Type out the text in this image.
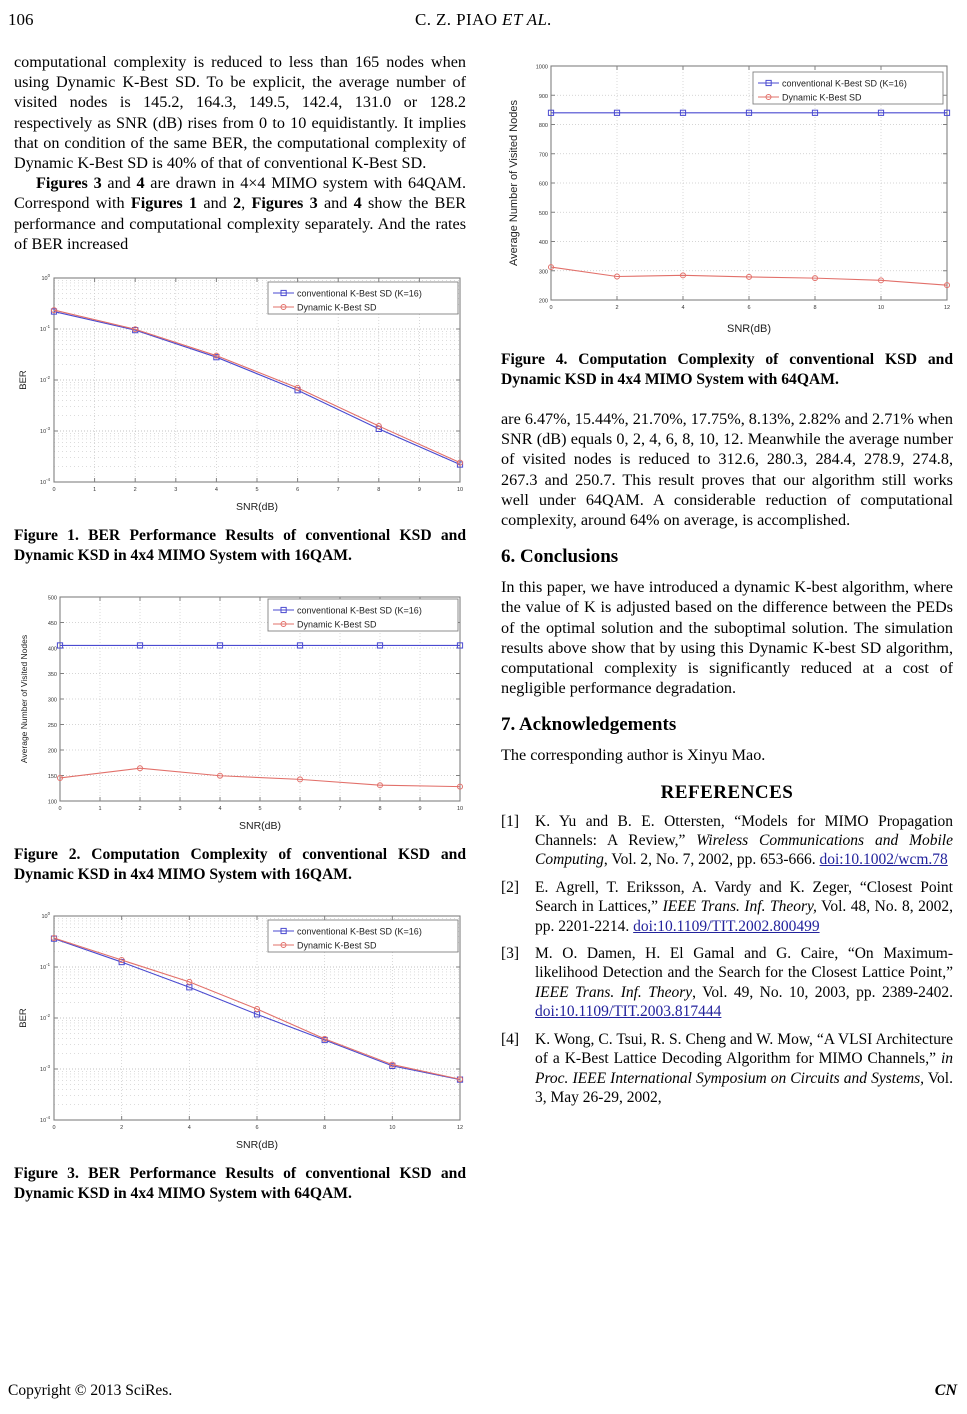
106	C. Z. PIAO ET AL.

computational complexity is reduced to less than 165 nodes when using Dynamic K-Best SD. To be explicit, the average number of visited nodes is 145.2, 164.3, 149.5, 142.4, 131.0 or 128.2 respectively as SNR (dB) rises from 0 to 10 equidistantly. It implies that on condition of the same BER, the computational complexity of Dynamic K-Best SD is 40% of that of conventional K-Best SD.

Figures 3 and 4 are drawn in 4×4 MIMO system with 64QAM. Correspond with Figures 1 and 2, Figures 3 and 4 show the BER performance and computational complexity separately. And the rates of BER increased

0	1	2	3	4	5	6	7	8	9	10
$10^0$
$10^{-1}$
$10^{-2}$
$10^{-3}$
$10^{-4}$
conventional K-Best SD (K=16)
Dynamic K-Best SD
SNR(dB)
BER
Figure 1. BER Performance Results of conventional KSD and Dynamic KSD in 4x4 MIMO System with 16QAM.
0	1	2	3	4	5	6	7	8	9	10
100
150
200
250
300
350
400
450
500
conventional K-Best SD (K=16)
Dynamic K-Best SD
SNR(dB)
Average Number of Visited Nodes
Figure 2. Computation Complexity of conventional KSD and Dynamic KSD in 4x4 MIMO System with 16QAM.
0	2	4	6	8	10	12
$10^0$
$10^{-1}$
$10^{-2}$
$10^{-3}$
$10^{-4}$
conventional K-Best SD (K=16)
Dynamic K-Best SD
SNR(dB)
BER
Figure 3. BER Performance Results of conventional KSD and Dynamic KSD in 4x4 MIMO System with 64QAM.
0	2	4	6	8	10	12
200
300
400
500
600
700
800
900
1000
conventional K-Best SD (K=16)
Dynamic K-Best SD
SNR(dB)
Average Number of Visited Nodes
Figure 4. Computation Complexity of conventional KSD and Dynamic KSD in 4x4 MIMO System with 64QAM.

are 6.47%, 15.44%, 21.70%, 17.75%, 8.13%, 2.82% and 2.71% when SNR (dB) equals 0, 2, 4, 6, 8, 10, 12. Meanwhile the average number of visited nodes is reduced to 312.6, 280.3, 284.4, 278.9, 274.8, 267.3 and 250.7. This result proves that our algorithm still works well under 64QAM. A considerable reduction of computational complexity, around 64% on average, is accomplished.

6. Conclusions

In this paper, we have introduced a dynamic K-best algorithm, where the value of K is adjusted based on the difference between the PEDs of the optimal solution and the suboptimal solution. The simulation results above show that by using this Dynamic K-best SD algorithm, computational complexity is significantly reduced at a cost of negligible performance degradation.

7. Acknowledgements

The corresponding author is Xinyu Mao.

REFERENCES
[1]	K. Yu and B. E. Ottersten, “Models for MIMO Propagation Channels: A Review,” Wireless Communications and Mobile Computing, Vol. 2, No. 7, 2002, pp. 653-666. doi:10.1002/wcm.78
[2]	E. Agrell, T. Eriksson, A. Vardy and K. Zeger, “Closest Point Search in Lattices,” IEEE Trans. Inf. Theory, Vol. 48, No. 8, 2002, pp. 2201-2214. doi:10.1109/TIT.2002.800499
[3]	M. O. Damen, H. El Gamal and G. Caire, “On Maximum-likelihood Detection and the Search for the Closest Lattice Point,” IEEE Trans. Inf. Theory, Vol. 49, No. 10, 2003, pp. 2389-2402. doi:10.1109/TIT.2003.817444
[4]	K. Wong, C. Tsui, R. S. Cheng and W. Mow, “A VLSI Architecture of a K-Best Lattice Decoding Algorithm for MIMO Channels,” in Proc. IEEE International Symposium on Circuits and Systems, Vol. 3, May 26-29, 2002,
Copyright © 2013 SciRes.	CN
